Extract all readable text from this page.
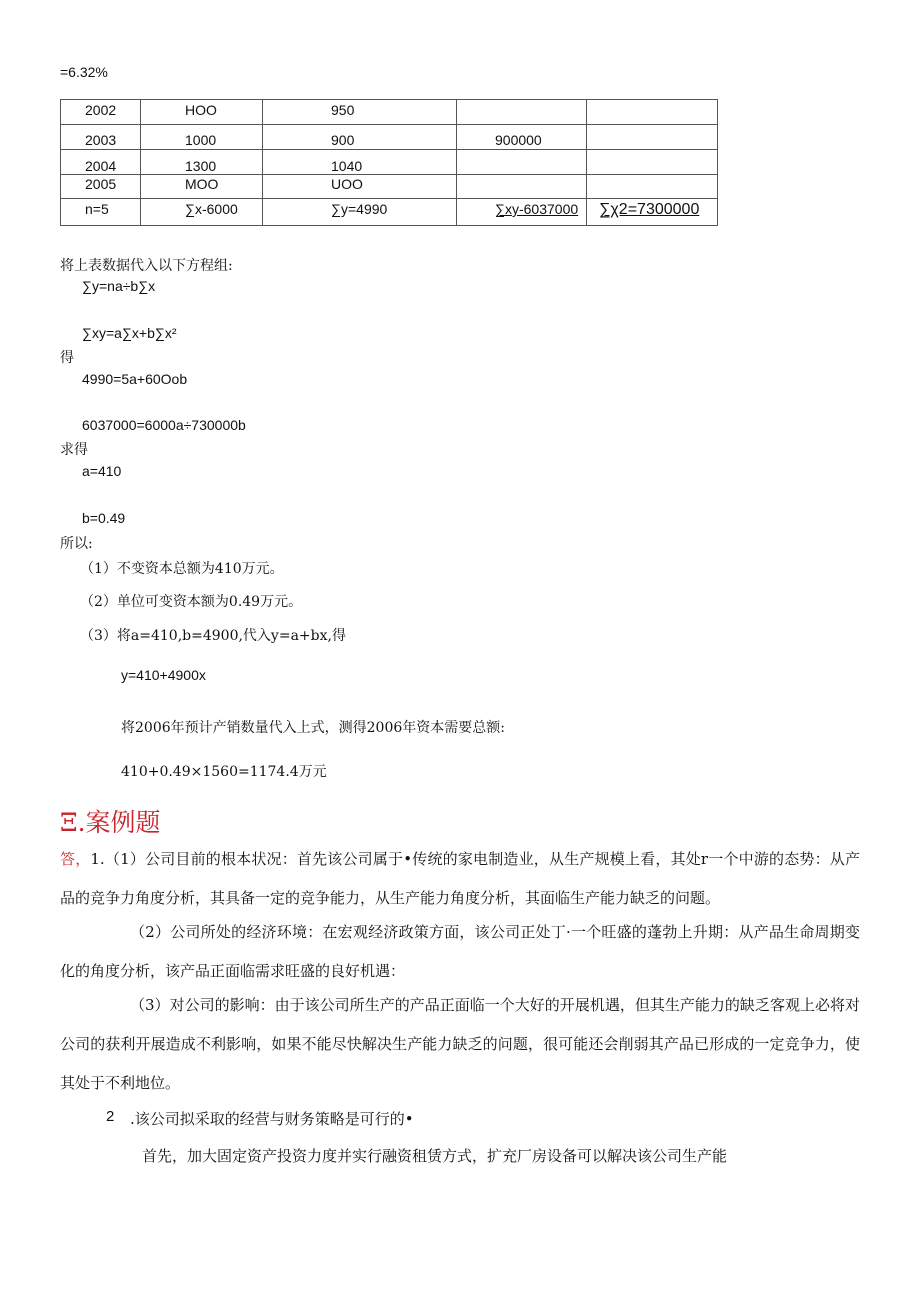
=6.32%
2002	HOO	950		

2003	1000	900	900000	

2004	1300	1040		

2005	MOO	UOO		

n=5	∑x-6000	∑y=4990	∑xy-6037000	∑χ2=7300000
将上表数据代入以下方程组:
∑y=na÷b∑x
∑xy=a∑x+b∑x²
得
4990=5a+60Oob
6037000=6000a÷730000b
求得
a=410
b=0.49
所以:
（1）不变资本总额为410万元。
（2）单位可变资本额为0.49万元。
（3）将a=410,b=4900,代入y=a+bx,得
y=410+4900x
将2006年预计产销数量代入上式，测得2006年资本需要总额:
410+0.49×1560=1174.4万元
Ξ.案例题
答，1.（1）公司目前的根本状况：首先该公司属于•传统的家电制造业，从生产规模上看，其处r一个中游的态势：从产品的竞争力角度分析，其具备一定的竞争能力，从生产能力角度分析，其面临生产能力缺乏的问题。
（2）公司所处的经济环境：在宏观经济政策方面，该公司正处丁·一个旺盛的蓬勃上升期：从产品生命周期变化的角度分析，该产品正面临需求旺盛的良好机遇：
（3）对公司的影响：由于该公司所生产的产品正面临一个大好的开展机遇，但其生产能力的缺乏客观上必将对公司的获利开展造成不利影响，如果不能尽快解决生产能力缺乏的问题，很可能还会削弱其产品已形成的一定竞争力，使其处于不利地位。
2 .该公司拟采取的经营与财务策略是可行的•
首先，加大固定资产投资力度并实行融资租赁方式，扩充厂房设备可以解决该公司生产能
